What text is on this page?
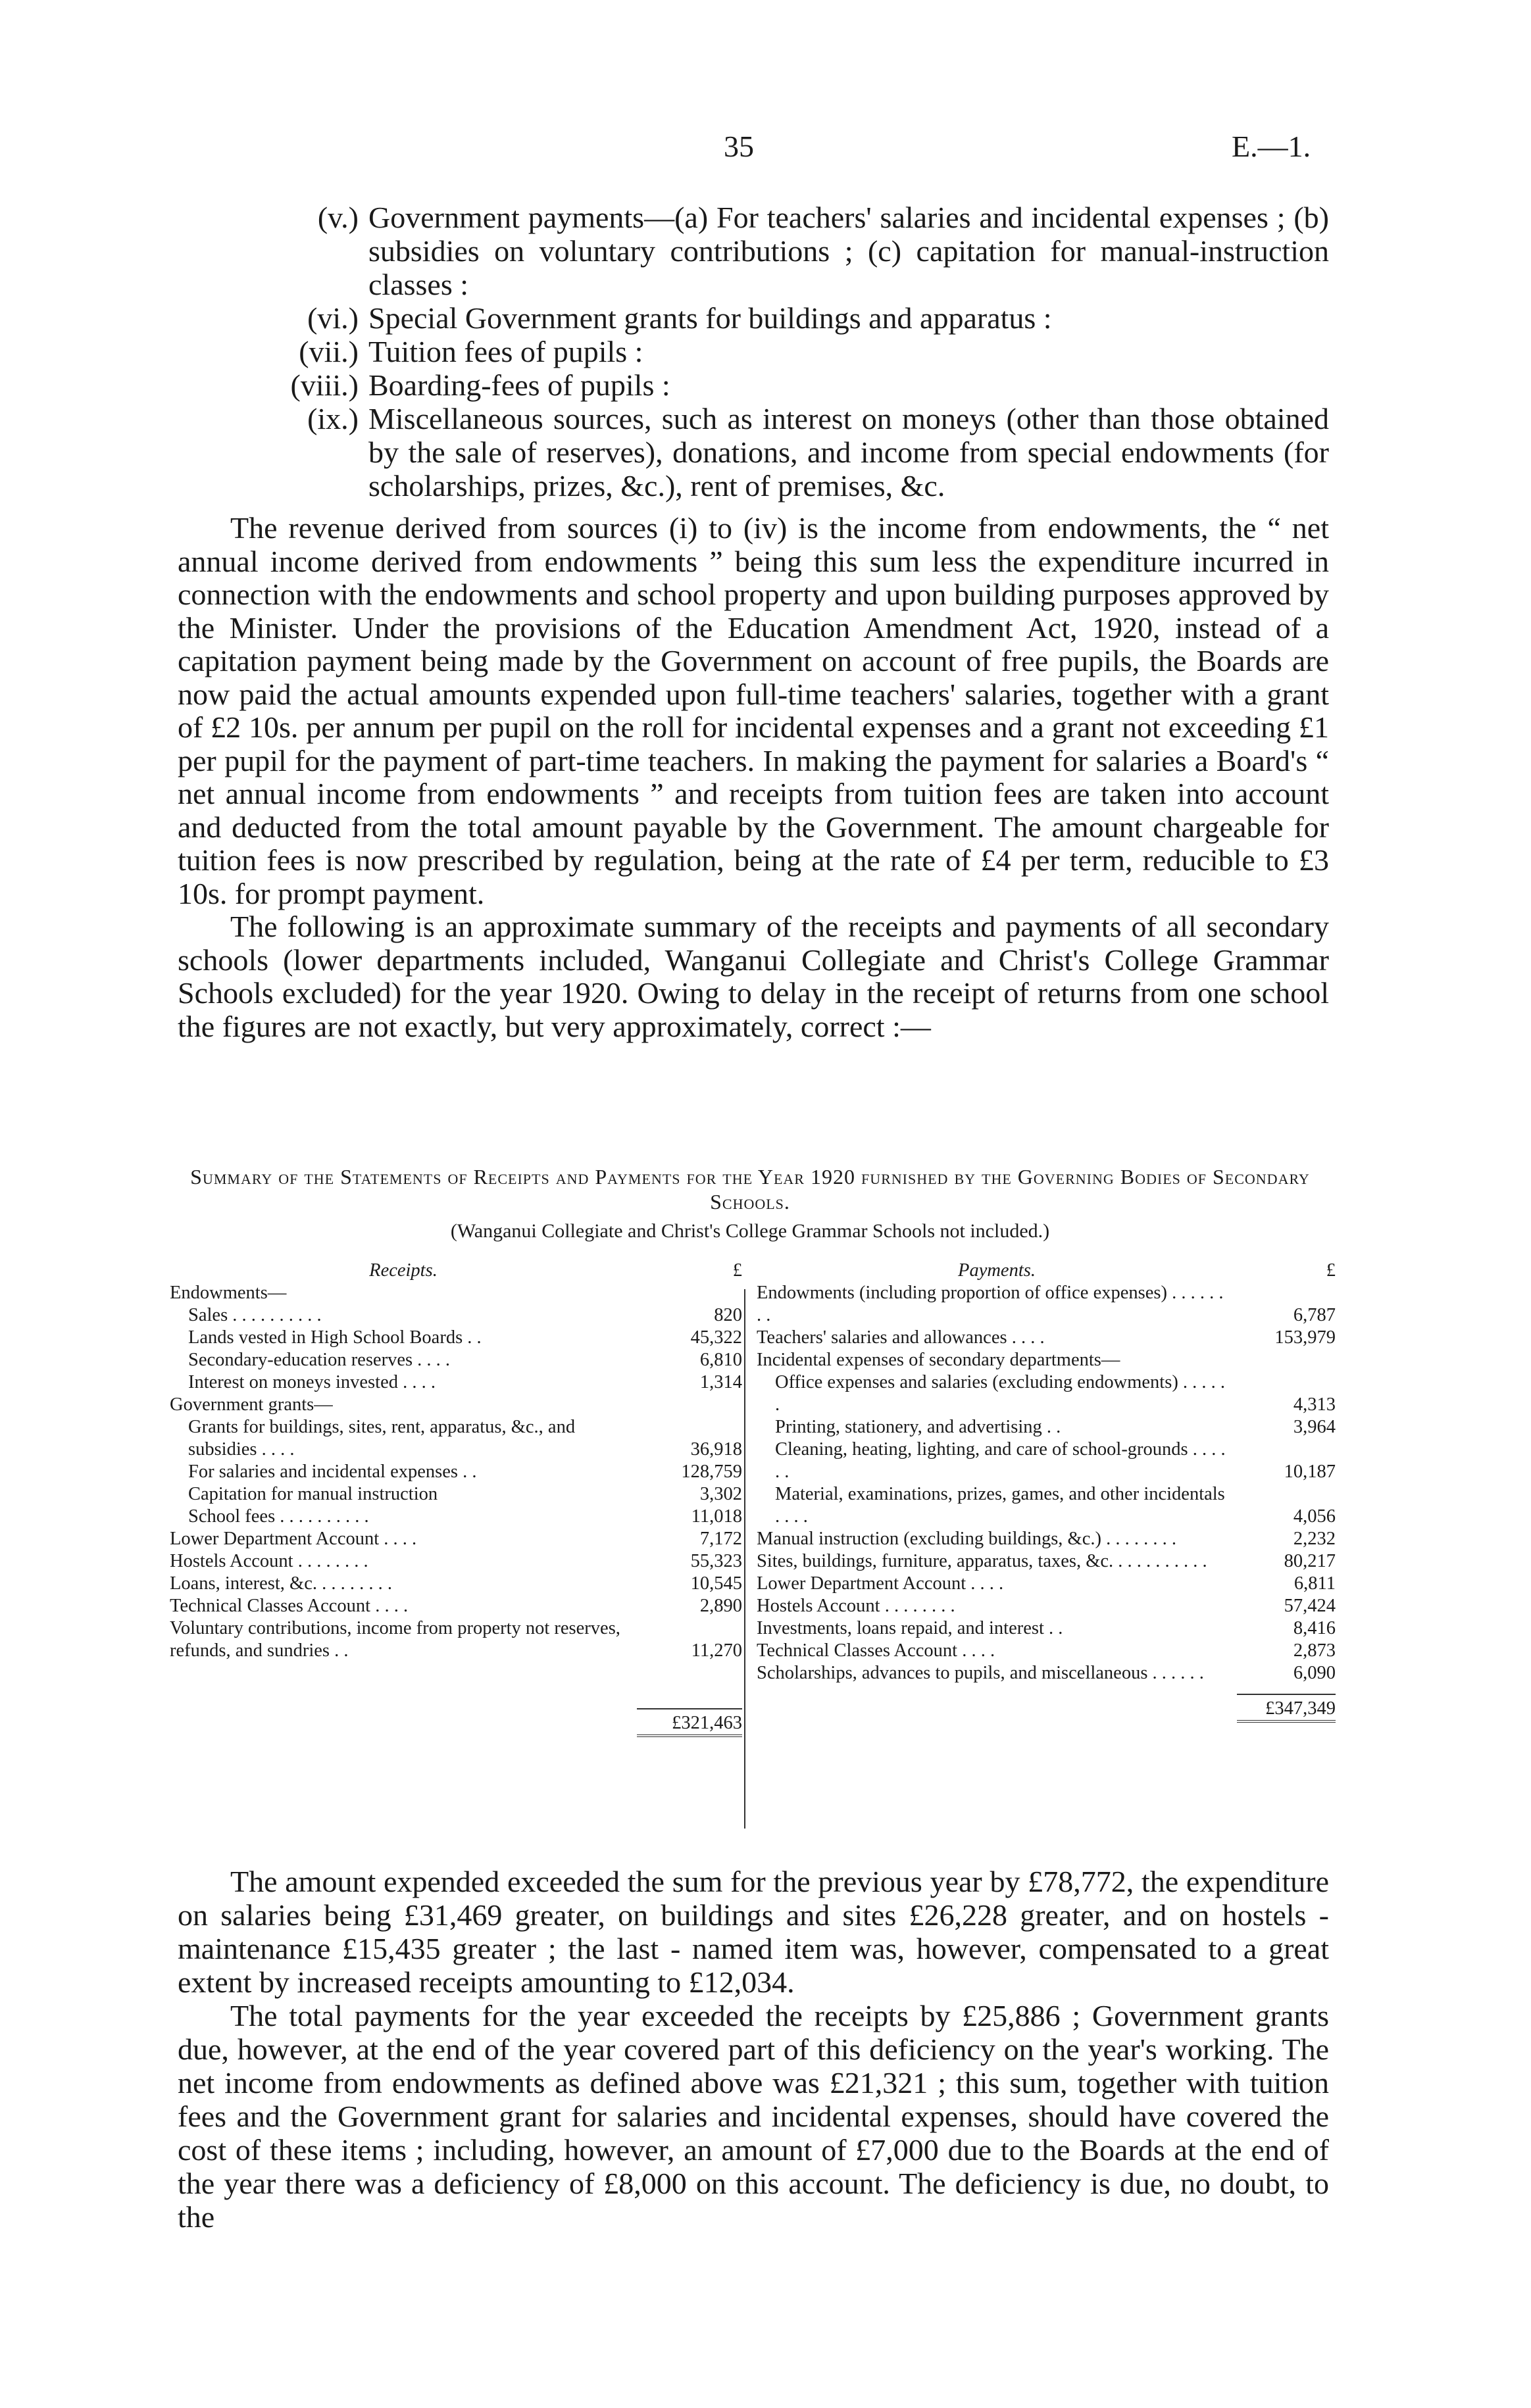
35	E.—1.
(v.) Government payments—(a) For teachers' salaries and incidental expenses ; (b) subsidies on voluntary contributions ; (c) capitation for manual-instruction classes :
(vi.) Special Government grants for buildings and apparatus :
(vii.) Tuition fees of pupils :
(viii.) Boarding-fees of pupils :
(ix.) Miscellaneous sources, such as interest on moneys (other than those obtained by the sale of reserves), donations, and income from special endowments (for scholarships, prizes, &c.), rent of premises, &c.

The revenue derived from sources (i) to (iv) is the income from endowments, the “ net annual income derived from endowments ” being this sum less the expenditure incurred in connection with the endowments and school property and upon building purposes approved by the Minister. Under the provisions of the Education Amendment Act, 1920, instead of a capitation payment being made by the Government on account of free pupils, the Boards are now paid the actual amounts expended upon full-time teachers' salaries, together with a grant of £2 10s. per annum per pupil on the roll for incidental expenses and a grant not exceeding £1 per pupil for the payment of part-time teachers. In making the payment for salaries a Board's “ net annual income from endowments ” and receipts from tuition fees are taken into account and deducted from the total amount payable by the Government. The amount chargeable for tuition fees is now prescribed by regulation, being at the rate of £4 per term, reducible to £3 10s. for prompt payment.

The following is an approximate summary of the receipts and payments of all secondary schools (lower departments included, Wanganui Collegiate and Christ's College Grammar Schools excluded) for the year 1920. Owing to delay in the receipt of returns from one school the figures are not exactly, but very approximately, correct :—

Summary of the Statements of Receipts and Payments for the Year 1920 furnished by the Governing Bodies of Secondary Schools.
(Wanganui Collegiate and Christ's College Grammar Schools not included.)
Receipts.	£
Endowments—
Sales . . . . . . . . . .	820
Lands vested in High School Boards . .	45,322
Secondary-education reserves . . . .	6,810
Interest on moneys invested . . . .	1,314
Government grants—
Grants for buildings, sites, rent, apparatus, &c., and subsidies . . . .	36,918
For salaries and incidental expenses . .	128,759
Capitation for manual instruction	3,302
School fees . . . . . . . . . .	11,018
Lower Department Account . . . .	7,172
Hostels Account . . . . . . . .	55,323
Loans, interest, &c. . . . . . . . .	10,545
Technical Classes Account . . . .	2,890
Voluntary contributions, income from property not reserves, refunds, and sundries . .	11,270
£321,463
Payments.	£
Endowments (including proportion of office expenses) . . . . . . . .	6,787
Teachers' salaries and allowances . . . .	153,979
Incidental expenses of secondary departments—
Office expenses and salaries (excluding endowments) . . . . . .	4,313
Printing, stationery, and advertising . .	3,964
Cleaning, heating, lighting, and care of school-grounds . . . . . .	10,187
Material, examinations, prizes, games, and other incidentals . . . .	4,056
Manual instruction (excluding buildings, &c.) . . . . . . . .	2,232
Sites, buildings, furniture, apparatus, taxes, &c. . . . . . . . . . .	80,217
Lower Department Account . . . .	6,811
Hostels Account . . . . . . . .	57,424
Investments, loans repaid, and interest . .	8,416
Technical Classes Account . . . .	2,873
Scholarships, advances to pupils, and miscellaneous . . . . . .	6,090
£347,349

The amount expended exceeded the sum for the previous year by £78,772, the expenditure on salaries being £31,469 greater, on buildings and sites £26,228 greater, and on hostels - maintenance £15,435 greater ; the last - named item was, however, compensated to a great extent by increased receipts amounting to £12,034.

The total payments for the year exceeded the receipts by £25,886 ; Government grants due, however, at the end of the year covered part of this deficiency on the year's working. The net income from endowments as defined above was £21,321 ; this sum, together with tuition fees and the Government grant for salaries and incidental expenses, should have covered the cost of these items ; including, however, an amount of £7,000 due to the Boards at the end of the year there was a deficiency of £8,000 on this account. The deficiency is due, no doubt, to the
